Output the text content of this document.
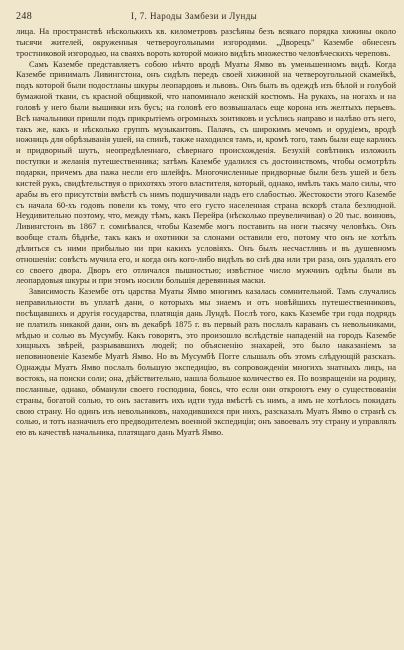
248	I, 7. Народы Замбези и Лунды

лица. На пространствѣ нѣсколькихъ кв. километровъ разсѣяны безъ всякаго порядка хижины около тысячи жителей, окруженныя четвероугольными изгородями. „Дворецъ" Казембе обнесенъ тростниковой изгородью, на сваяхъ вороть которой можно видѣть множество человѣческихъ череповъ.

Самъ Казембе представляетъ собою нѣчто вродѣ Муаты Ямво въ уменьшенномъ видѣ. Когда Казембе принималъ Ливингстона, онъ сидѣлъ передъ своей хижиной на четвероугольной скамейкѣ, подъ которой были подостланы шкуры леопардовъ и львовъ. Онъ былъ въ одеждѣ изъ бѣлой и голубой бумажной ткани, съ красной общивкой, что напоминало женскій костюмъ. На рукахъ, на ногахъ и на головѣ у него были вышивки изъ бусъ; на головѣ его возвышалась еще корона изъ желтыхъ перьевъ. Всѣ начальники пришли подъ прикрытіемъ огромныхъ зонтиковъ и усѣлись направо и налѣво отъ него, такъ же, какъ и нѣсколько группъ музыкантовъ. Палачъ, съ широкимъ мечомъ и орудіемъ, вродѣ ножницъ для обрѣзыванія ушей, на спинѣ, также находился тамъ, и, кромѣ того, тамъ были еще карликъ и придворный шутъ, неопредѣленнаго, сѣвернаго происхожденія. Безухій совѣтникъ изложилъ поступки и желанія путешественника; затѣмъ Казембе удалился съ достоинствомъ, чтобы осмотрѣть подарки, причемъ два пажа несли его шлейфъ. Многочисленные придворные были безъ ушей и безъ кистей рукъ, свидѣтельствуя о прихотяхъ этого властителя, который, однако, имѣлъ такъ мало силы, что арабы въ его присутствіи вмѣстѣ съ нимъ подшучивали надъ его слабостью. Жестокости этого Казембе съ начала 60-хъ годовъ повели къ тому, что его густо населенная страна вскорѣ стала безлюдной. Неудивительно поэтому, что, между тѣмъ, какъ Перейра (нѣсколько преувеличивая) о 20 тыс. воиновъ, Ливингстонъ въ 1867 г. сомнѣвался, чтобы Казембе могъ поставить на ноги тысячу человѣкъ. Онъ вообще сталъ бѣднѣе, такъ какъ и охотники за слонами оставили его, потому что онъ не хотѣлъ дѣлиться съ ними прибылью ни при какихъ условіяхъ. Онъ былъ несчастливъ и въ душевномъ отношеніи: совѣсть мучила его, и когда онъ кого-либо видѣлъ во снѣ два или три раза, онъ удалялъ его со своего двора. Дворъ его отличался пышностью; извѣстное число мужчинъ одѣты были въ леопардовыя шкуры и при этомъ носили большія деревянныя маски.

Зависимость Казембе отъ царства Муаты Ямво многимъ казалась сомнительной. Тамъ случались неправильности въ уплатѣ дани, о которыхъ мы знаемъ и отъ новѣйшихъ путешественниковъ, посѣщавшихъ и другія государства, платящія дань Лундѣ. Послѣ того, какъ Казембе три года подрядъ не платилъ никакой дани, онъ въ декабрѣ 1875 г. въ первый разъ послалъ караванъ съ невольниками, мѣдью и солью въ Мусумбу. Какъ говорятъ, это произошло вслѣдствіе нападеній на городъ Казембе хищныхъ звѣрей, разрывавшихъ людей; по объясненію знахарей, это было наказаніемъ за неповиновеніе Казембе Муатѣ Ямво. Но въ Мусумбѣ Погге слышалъ объ этомъ слѣдующій разсказъ. Однажды Муатъ Ямво послалъ большую экспедицію, въ сопровожденіи многихъ знатныхъ лицъ, на востокъ, на поиски соли; она, дѣйствительно, нашла большое количество ея. По возвращеніи на родину, посланные, однако, обманули своего господина, боясь, что если они откроютъ ему о существованіи страны, богатой солью, то онъ заставитъ ихъ идти туда вмѣстѣ съ нимъ, а имъ не хотѣлось покидать свою страну. Но одинъ изъ невольниковъ, находившихся при нихъ, разсказалъ Муатъ Ямво о странѣ съ солью, и тотъ назначилъ его предводителемъ военной экспедиціи; онъ завоевалъ эту страну и управлялъ ею въ качествѣ начальника, платящаго дань Муатѣ Ямво.
